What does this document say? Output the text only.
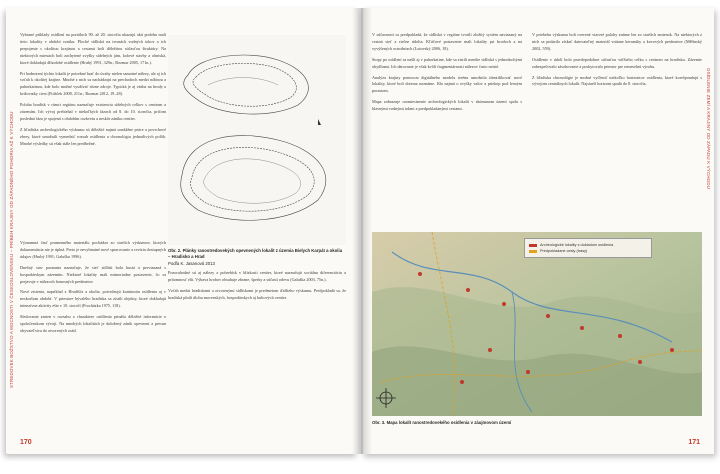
STREDOVEK BOŽSTVO A MOCNOSTI V ČESKOSLOVENSKU – PRÍBEH KRAJINY OD ZÁPADNÉHO POHORIA AŽ K VÝCHODU

Vybrané príklady osídlení na portáloch 90. až 20. storočia ukazujú akú podobu mali tieto lokality v období vzniku. Ploché sídliská na terasách vodných tokov a ich prepojenie s okolitou krajinou a cestami boli dôležitou súčasťou štruktúry. Na niektorých miestach boli zachytené zvyšky sídelných jám, kolové stavby a ohniská, ktoré dokladajú dlhodobé osídlenie (Hrubý 1991, 329n.; Rozmar 2005, 171n.).

Pri hodnotení týchto lokalít je potrebné brať do úvahy nielen samotné nálezy, ale aj ich vzťah k okolitej krajine. Mnohé z nich sa nachádzajú na prechodoch medzi nížinou a pahorkatinou, kde bolo možné využívať rôzne zdroje. Typická je aj väzba na brody a križovatky ciest (Poláček 2008, 211n.; Rozmar 2012, 19–28).

Poloha hradísk v rámci regiónu naznačuje existenciu sídelných celkov s centrom a zázemím. Ich vývoj prebiehal v niekoľkých fázach od 8. do 10. storočia, pričom posledná fáza je spojená s obdobím rozkvetu a neskôr zániku centier.

Z hľadiska archeologického výskumu sú dôležité najmä sondážne práce a povrchové zbery, ktoré umožnili vymedziť rozsah osídlenia a chronológiu jednotlivých polôh. Mnohé výsledky sú však stále len predbežné.

Významná časť pramenného materiálu pochádza zo starších výskumov, ktorých dokumentácia nie je úplná. Preto je nevyhnutné nové spracovanie a revízia dostupných údajov (Hrubý 1991; Galuška 1996).

Dnešný stav poznania naznačuje, že sieť sídlisk bola hustá a previazaná s hospodárskym zázemím. Niektoré lokality mali mimoriadne postavenie, čo sa prejavuje v nálezoch honosných predmetov.

Nové zistenia, napríklad z Hradišťa a okolia, potvrdzujú kontinuitu osídlenia aj v neskoršom období. V priestore bývalého hradiska sa zistili objekty, ktoré dokladajú intenzívne aktivity ešte v 10. storočí (Procházka 1975, 118).

Sledovanie zmien v rozsahu a charaktere osídlenia prináša dôležité informácie o spoločenskom vývoji. Na mnohých lokalitách je doložený zánik opevnení a presun obyvateľstva do otvorených osád.

Obr. 2. Plánky ranostredovekých opevnených lokalít z územia Bielych Karpát a okolia – Hradisko a Hrad
Podľa K. Jasanová 2013

Pozoruhodné sú aj nálezy z pohrebísk v blízkosti centier, ktoré naznačujú sociálnu diferenciáciu a prítomnosť elít. Výbava hrobov obsahuje zbrane, šperky a súčasti odevu (Galuška 2003, 75n.).

Vzťah medzi hradiskami a otvorenými sídliskami je predmetom ďalšieho výskumu. Predpokladá sa, že hradiská plnili úlohu mocenských, hospodárskych aj kultových centier.

170
OSÍDLENIE ZEMÍ A KRAJINY OD ZÁPADU K VÝCHODU

V súčasnosti sa predpokladá, že sídliská v regióne tvorili zložitý systém naviazaný na cestnú sieť a riečne údolia. Kľúčové postavenie mali lokality pri brodoch a na vyvýšených ostrožniach (Lutovský 2006, 18).

Stopy po osídlení sa našli aj v pahorkatine, kde sa zistili menšie sídliská s jednoduchými obydliami. Ich datovanie je však kvôli fragmentárnosti nálezov často neisté.

Analýza krajiny pomocou digitálneho modelu terénu umožnila identifikovať nové lokality, ktoré boli doteraz neznáme. Išlo najmä o zvyšky valov a priekop pod lesným porastom.

Mapa zobrazuje rozmiestnenie archeologických lokalít v skúmanom území spolu s hlavnými vodnými tokmi a predpokladanými cestami.

V priebehu výskumu boli overené viaceré polohy známe len zo starších zmienok. Na niektorých z nich sa podarilo získať datovateľný materiál vrátane keramiky a kovových predmetov (Měřínský 2002, 559).

Osídlenie v údolí bolo pravdepodobne súčasťou väčšieho celku s centrom na hradisku. Zázemie zabezpečovalo zásobovanie a poskytovalo priestor pre remeselnú výrobu.

Z hľadiska chronológie je možné vyčleniť niekoľko horizontov osídlenia, ktoré korešpondujú s vývojom centrálnych lokalít. Najstarší horizont spadá do 8. storočia.

Archeologické lokality s dokladom osídlenia
Predpokladané cesty (trasy)
Obr. 3. Mapa lokalít ranostredovekého osídlenia v záujmovom území
171
